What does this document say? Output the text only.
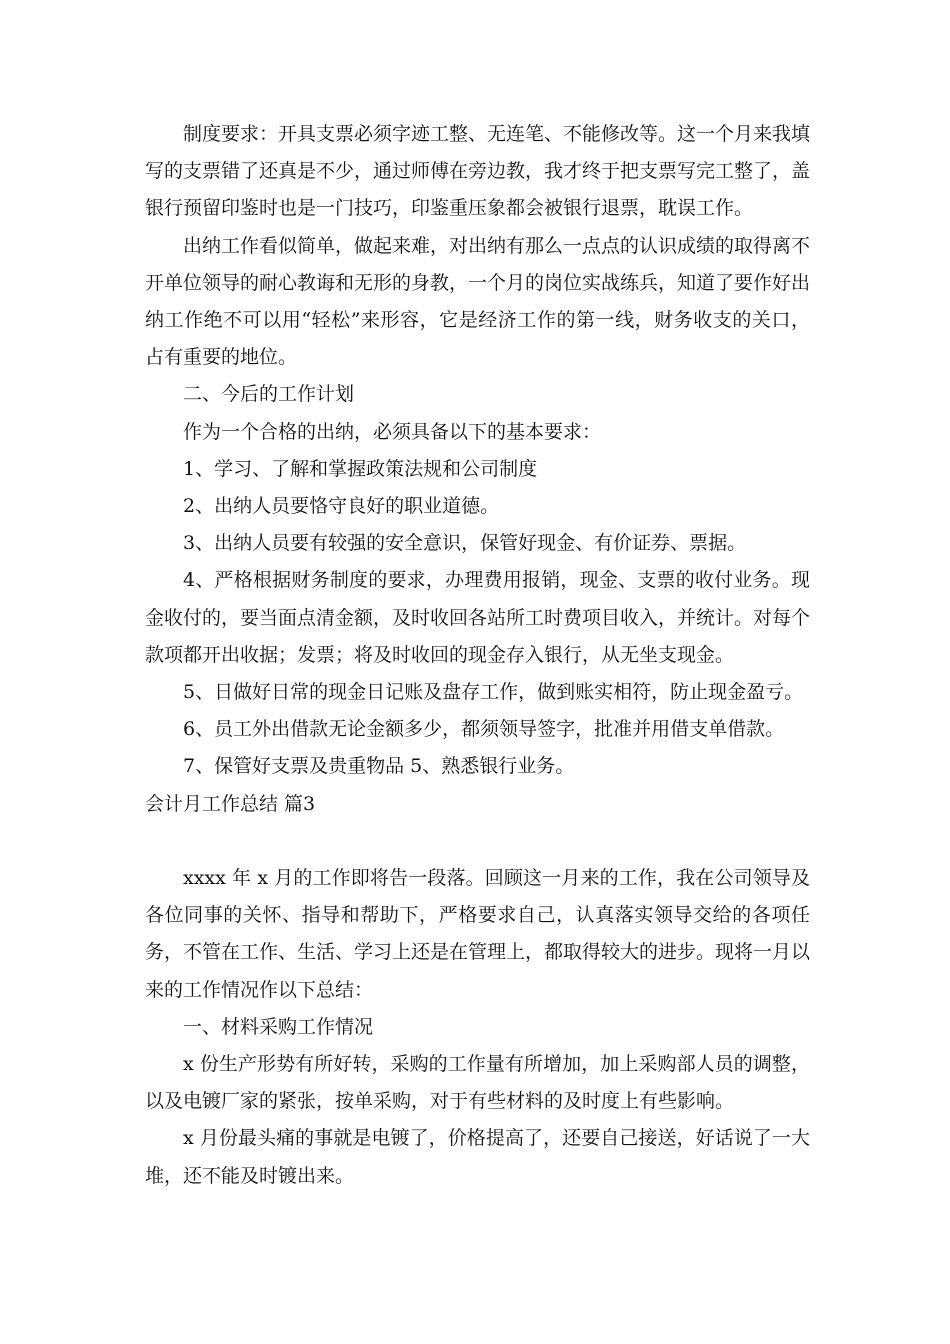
制度要求：开具支票必须字迹工整、无连笔、不能修改等。这一个月来我填写的支票错了还真是不少，通过师傅在旁边教，我才终于把支票写完工整了，盖银行预留印鉴时也是一门技巧，印鉴重压象都会被银行退票，耽误工作。

出纳工作看似简单，做起来难，对出纳有那么一点点的认识成绩的取得离不开单位领导的耐心教诲和无形的身教，一个月的岗位实战练兵，知道了要作好出纳工作绝不可以用“轻松”来形容，它是经济工作的第一线，财务收支的关口，占有重要的地位。

二、今后的工作计划

作为一个合格的出纳，必须具备以下的基本要求：

1、学习、了解和掌握政策法规和公司制度

2、出纳人员要恪守良好的职业道德。

3、出纳人员要有较强的安全意识，保管好现金、有价证券、票据。

4、严格根据财务制度的要求，办理费用报销，现金、支票的收付业务。现金收付的，要当面点清金额，及时收回各站所工时费项目收入，并统计。对每个款项都开出收据；发票；将及时收回的现金存入银行，从无坐支现金。

5、日做好日常的现金日记账及盘存工作，做到账实相符，防止现金盈亏。

6、员工外出借款无论金额多少，都须领导签字，批准并用借支单借款。

7、保管好支票及贵重物品 5、熟悉银行业务。

会计月工作总结 篇3

xxxx 年 x 月的工作即将告一段落。回顾这一月来的工作，我在公司领导及各位同事的关怀、指导和帮助下，严格要求自己，认真落实领导交给的各项任务，不管在工作、生活、学习上还是在管理上，都取得较大的进步。现将一月以来的工作情况作以下总结：

一、材料采购工作情况

x 份生产形势有所好转，采购的工作量有所增加，加上采购部人员的调整，以及电镀厂家的紧张，按单采购，对于有些材料的及时度上有些影响。

x 月份最头痛的事就是电镀了，价格提高了，还要自己接送，好话说了一大堆，还不能及时镀出来。
